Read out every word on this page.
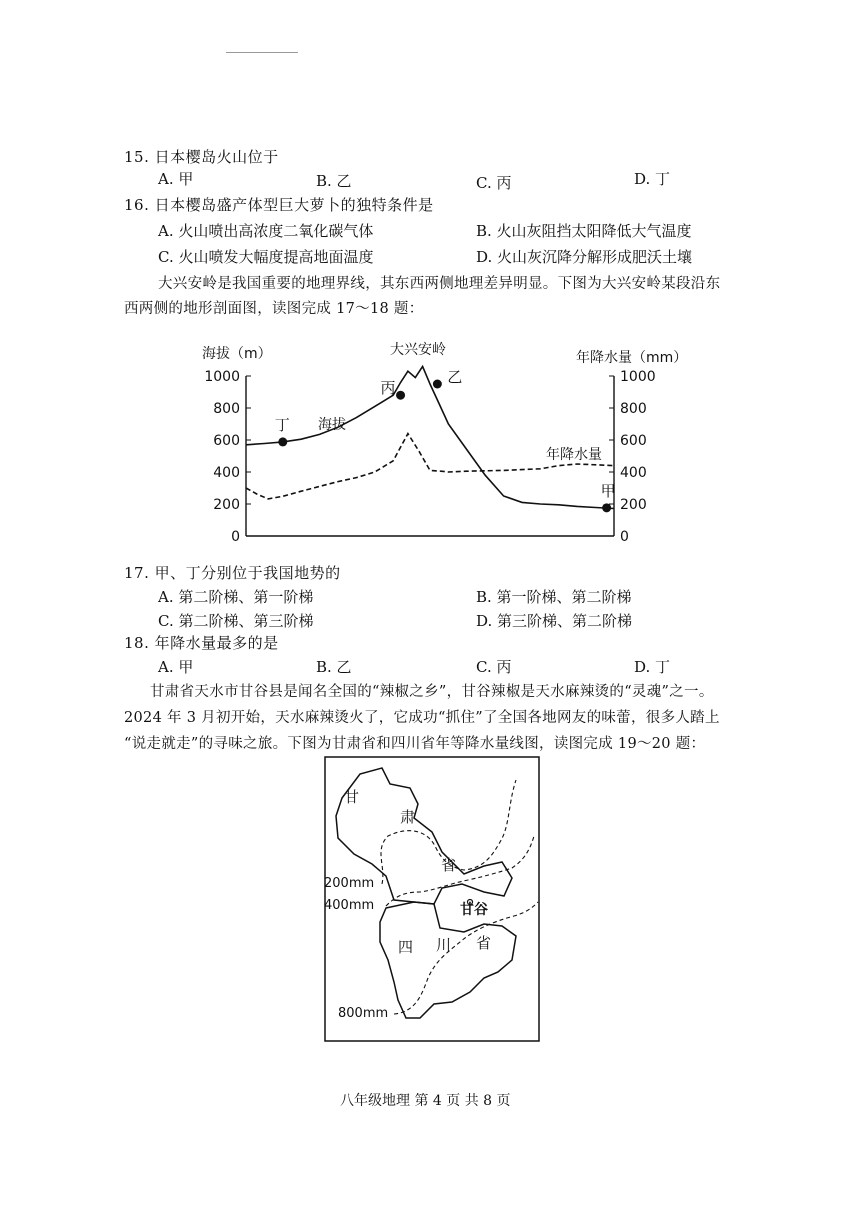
15. 日本樱岛火山位于
A. 甲	B. 乙	C. 丙	D. 丁
16. 日本樱岛盛产体型巨大萝卜的独特条件是
A. 火山喷出高浓度二氧化碳气体	B. 火山灰阻挡太阳降低大气温度
C. 火山喷发大幅度提高地面温度	D. 火山灰沉降分解形成肥沃土壤
大兴安岭是我国重要的地理界线，其东西两侧地理差异明显。下图为大兴安岭某段沿东
西两侧的地形剖面图，读图完成 17～18 题：
海拔（m）	年降水量（mm）
大兴安岭
0
200
400
600
800
1000
0
200
400
600
800
1000
丁
丙
乙
甲
海拔
年降水量
17. 甲、丁分别位于我国地势的
A. 第二阶梯、第一阶梯	B. 第一阶梯、第二阶梯
C. 第二阶梯、第三阶梯	D. 第三阶梯、第二阶梯
18. 年降水量最多的是
A. 甲	B. 乙	C. 丙	D. 丁
甘肃省天水市甘谷县是闻名全国的“辣椒之乡”，甘谷辣椒是天水麻辣烫的“灵魂”之一。
2024 年 3 月初开始，天水麻辣烫火了，它成功“抓住”了全国各地网友的味蕾，很多人踏上
“说走就走”的寻味之旅。下图为甘肃省和四川省年等降水量线图，读图完成 19～20 题：
甘
肃
省
四 川 省
甘谷
200mm
400mm
800mm
八年级地理 第 4 页 共 8 页
